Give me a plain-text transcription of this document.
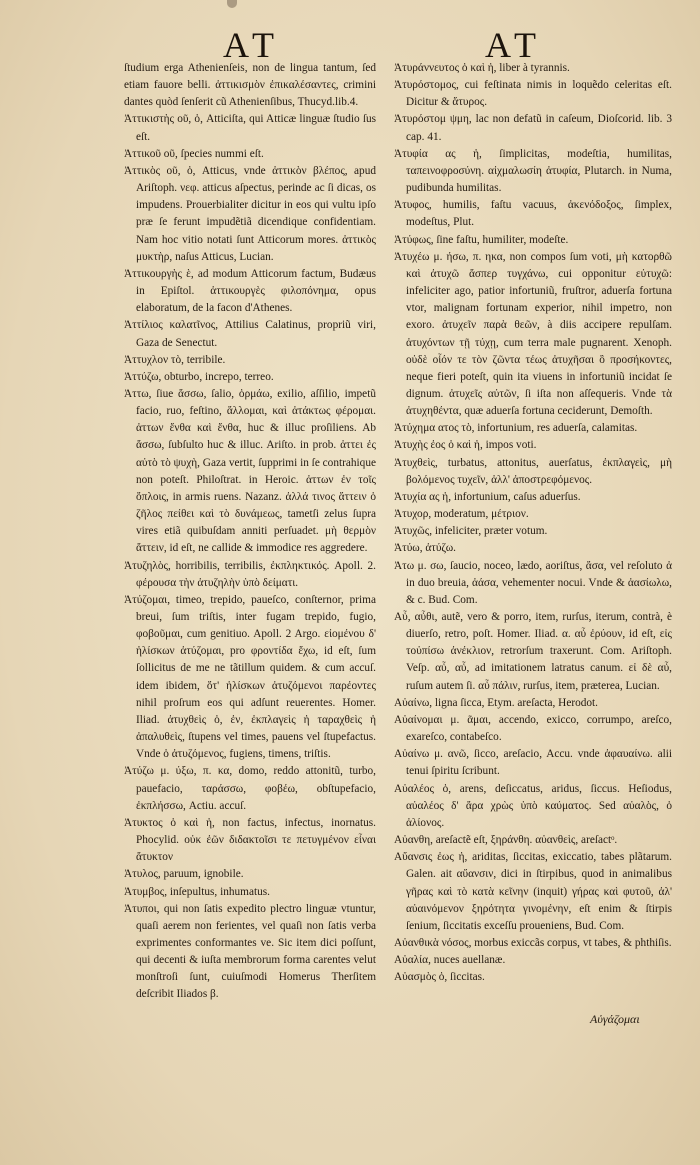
AT	AT

ſtudium erga Athenienſeis, non de lingua tantum, ſed etiam fauore belli. ἀττικισμὸν ἐπικαλέσαντες, crimini dantes quòd ſenſerit cũ Athenienſibus, Thucyd.lib.4.

Ἀττικιστὴς οῦ, ὁ, Atticiſta, qui Atticæ linguæ ſtudio ſus eſt.

Ἀττικοῦ οῦ, ſpecies nummi eſt.

Ἀττικὸς οῦ, ὁ, Atticus, vnde ἀττικὸν βλέπος, apud Ariſtoph. νεφ. atticus aſpectus, perinde ac ſi dicas, os impudens. Prouerbialiter dicitur in eos qui vultu ipſo præ ſe ferunt impudẽtiã dicendique confidentiam. Nam hoc vitio notati ſunt Atticorum mores. ἀττικὸς μυκτὴρ, naſus Atticus, Lucian.

Ἀττικουργὴς ὲ, ad modum Atticorum factum, Budæus in Epiſtol. ἀττικουργὲς φιλοπόνημα, opus elaboratum, de la facon d'Athenes.

Ἀττίλιος καλατῖνος, Attilius Calatinus, propriũ viri, Gaza de Senectut.

Ἀττυχλον τὸ, terribile.

Ἀττύζω, obturbo, increpo, terreo.

Ἀττω, ſiue ἄσσω, ſalio, ὁρμάω, exilio, aſſilio, impetũ facio, ruo, feſtino, ἅλλομαι, καὶ ἀτάκτως φέρομαι. ἀττων ἔνθα καὶ ἔνθα, huc & illuc proſiliens. Ab ἄσσω, ſubſulto huc & illuc. Ariſto. in prob. ἀττει ἐς αὐτὸ τὸ ψυχὴ, Gaza vertit, ſupprimi in ſe contrahique non poteſt. Philoſtrat. in Heroic. ἀττων ἐν τοῖς ὅπλοις, in armis ruens. Nazanz. ἀλλά τινος ἄττειν ὁ ζῆλος πείθει καὶ τὸ δυνάμεως, tametſi zelus ſupra vires etiã quibuſdam anniti perſuadet. μὴ θερμὸν ἄττειν, id eſt, ne callide & immodice res aggredere.

Ἀτυζηλὸς, horribilis, terribilis, ἐκπληκτικός. Apoll. 2. φέρουσα τὴν ἀτυζηλὴν ὑπὸ δείματι.

Ἀτύζομαι, timeo, trepido, paueſco, conſternor, prima breui, ſum triſtis, inter fugam trepido, fugio, φοβοῦμαι, cum genitiuo. Apoll. 2 Argo. εἰομένου δ' ἡλίσκων ἀτύζομαι, pro φροντίδα ἔχω, id eſt, ſum ſollicitus de me ne tãtillum quidem. & cum accuſ. idem ibidem, ὅτ' ἠλίσκων ἀτυζόμενοι παρέοντες nihil proſrum eos qui adſunt reuerentes. Homer. Iliad. ἀτυχθεὶς ὁ, ἐν, ἐκπλαγεὶς ἡ ταραχθεὶς ἡ ἀπαλυθεὶς, ſtupens vel times, pauens vel ſtupefactus. Vnde ὁ ἀτυζόμενος, fugiens, timens, triſtis.

Ἀτύζω μ. ύξω, π. κα, domo, reddo attonitũ, turbo, pauefacio, ταράσσω, φοβέω, obſtupefacio, ἐκπλήσσω, Actiu. accuſ.

Ἀτυκτος ὁ καὶ ἡ, non factus, infectus, inornatus. Phocylid. οὐκ ἐῶν διδακτοῖσι τε πετυγμένον εἶναι ἄτυκτον

Ἀτυλος, paruum, ignobile.

Ἀτυμβος, inſepultus, inhumatus.

Ἀτυποι, qui non ſatis expedito plectro linguæ vtuntur, quaſi aerem non ferientes, vel quaſi non ſatis verba exprimentes conformantes ve. Sic item dici poſſunt, qui decenti & iuſta membrorum forma carentes velut monſtroſi ſunt, cuiuſmodi Homerus Therſitem deſcribit Iliados β.

Ἀτυράννευτος ὁ καὶ ἡ, liber à tyrannis.

Ἀτυρόστομος, cui feſtinata nimis in loquẽdo celeritas eſt. Dicitur & ἄτυρος.

Ἀτυρόστομ ψμη, lac non defatũ in caſeum, Dioſcorid. lib. 3 cap. 41.

Ἀτυφία ας ἡ, ſimplicitas, modeſtia, humilitas, ταπεινοφροσύνη. αἰχμαλωσίη ἀτυφία, Plutarch. in Numa, pudibunda humilitas.

Ἀτυφος, humilis, faſtu vacuus, ἀκενόδοξος, ſimplex, modeſtus, Plut.

Ἀτύφως, ſine faſtu, humiliter, modeſte.

Ἀτυχέω μ. ήσω, π. ηκα, non compos ſum voti, μὴ κατορθῶ καὶ ἀτυχῶ ἄσπερ τυγχάνω, cui opponitur εὐτυχῶ: infeliciter ago, patior infortuniũ, fruſtror, aduerſa fortuna vtor, malignam fortunam experior, nihil impetro, non exoro. ἀτυχεῖν παρὰ θεῶν, à diis accipere repulſam. ἀτυχόντων τῇ τύχῃ, cum terra male pugnarent. Xenoph. οὐδὲ οἷόν τε τὸν ζῶντα τέως ἀτυχῆσαι ὃ προσήκοντες, neque fieri poteſt, quin ita viuens in infortuniũ incidat ſe dignum. ἀτυχεῖς αὐτῶν, ſi iſta non aſſequeris. Vnde τὰ ἀτυχηθέντα, quæ aduerſa fortuna ceciderunt, Demoſth.

Ἀτύχημα ατος τὸ, infortunium, res aduerſa, calamitas.

Ἀτυχὴς ἐος ὁ καὶ ἡ, impos voti.

Ἀτυχθεὶς, turbatus, attonitus, auerſatus, ἐκπλαγεὶς, μὴ βολόμενος τυχεῖν, ἀλλ' ἀποστρεφόμενος.

Ἀτυχία ας ἡ, infortunium, caſus aduerſus.

Ἀτυχορ, moderatum, μέτριον.

Ἀτυχῶς, infeliciter, præter votum.

Ἀτύω, ἀτύζω.

Ἀτω μ. σω, ſaucio, noceo, lædo, aoriſtus, ἄσα, vel reſoluto ἀ in duo breuia, ἀάσα, vehementer nocui. Vnde & ἀασίωλω, & c. Bud. Com.

Αὖ, αὖθι, autẽ, vero & porro, item, rurſus, iterum, contrà, è diuerſo, retro, poſt. Homer. Iliad. α. αὖ ἐρύουν, id eſt, εἰς τοὐπίσω ἀνέκλιον, retrorſum traxerunt. Com. Ariſtoph. Veſp. αὖ, αὖ, ad imitationem latratus canum. εἰ δὲ αὖ, ruſum autem ſi. αὖ πάλιν, rurſus, item, præterea, Lucian.

Αὐαίνω, ligna ſicca, Etym. areſacta, Herodot.

Αὐαίνομαι μ. ᾶμαι, accendo, exicco, corrumpo, areſco, exareſco, contabeſco.

Αὐαίνω μ. ανῶ, ſicco, areſacio, Accu. vnde ἀφαυαίνω. alii tenui ſpiritu ſcribunt.

Αὐαλέος ὁ, arens, deſiccatus, aridus, ſiccus. Heſiodus, αὐαλέος δ' ἄρα χρὼς ὑπὸ καύματος. Sed αὐαλὸς, ὁ ἀλίονος.

Αὐανθη, areſactẽ eſt, ξηράνθη. αὐανθεὶς, areſactᵒ.

Αὔανσις ἐως ἡ, ariditas, ſiccitas, exiccatio, tabes plãtarum. Galen. ait αὔανσιν, dici in ſtirpibus, quod in animalibus γῆρας καὶ τὸ κατὰ κεῖνην (inquit) γήρας καὶ φυτοῦ, ἀλ' αὐαινόμενον ξηρότητα γινομένην, eſt enim & ſtirpis ſenium, ſiccitatis exceſſu proueniens, Bud. Com.

Αὐανθικὰ νόσος, morbus exiccãs corpus, vt tabes, & phthiſis.

Αὐαλία, nuces auellanæ.

Αὐασμὸς ὁ, ſiccitas.

Αὐγάζομαι
